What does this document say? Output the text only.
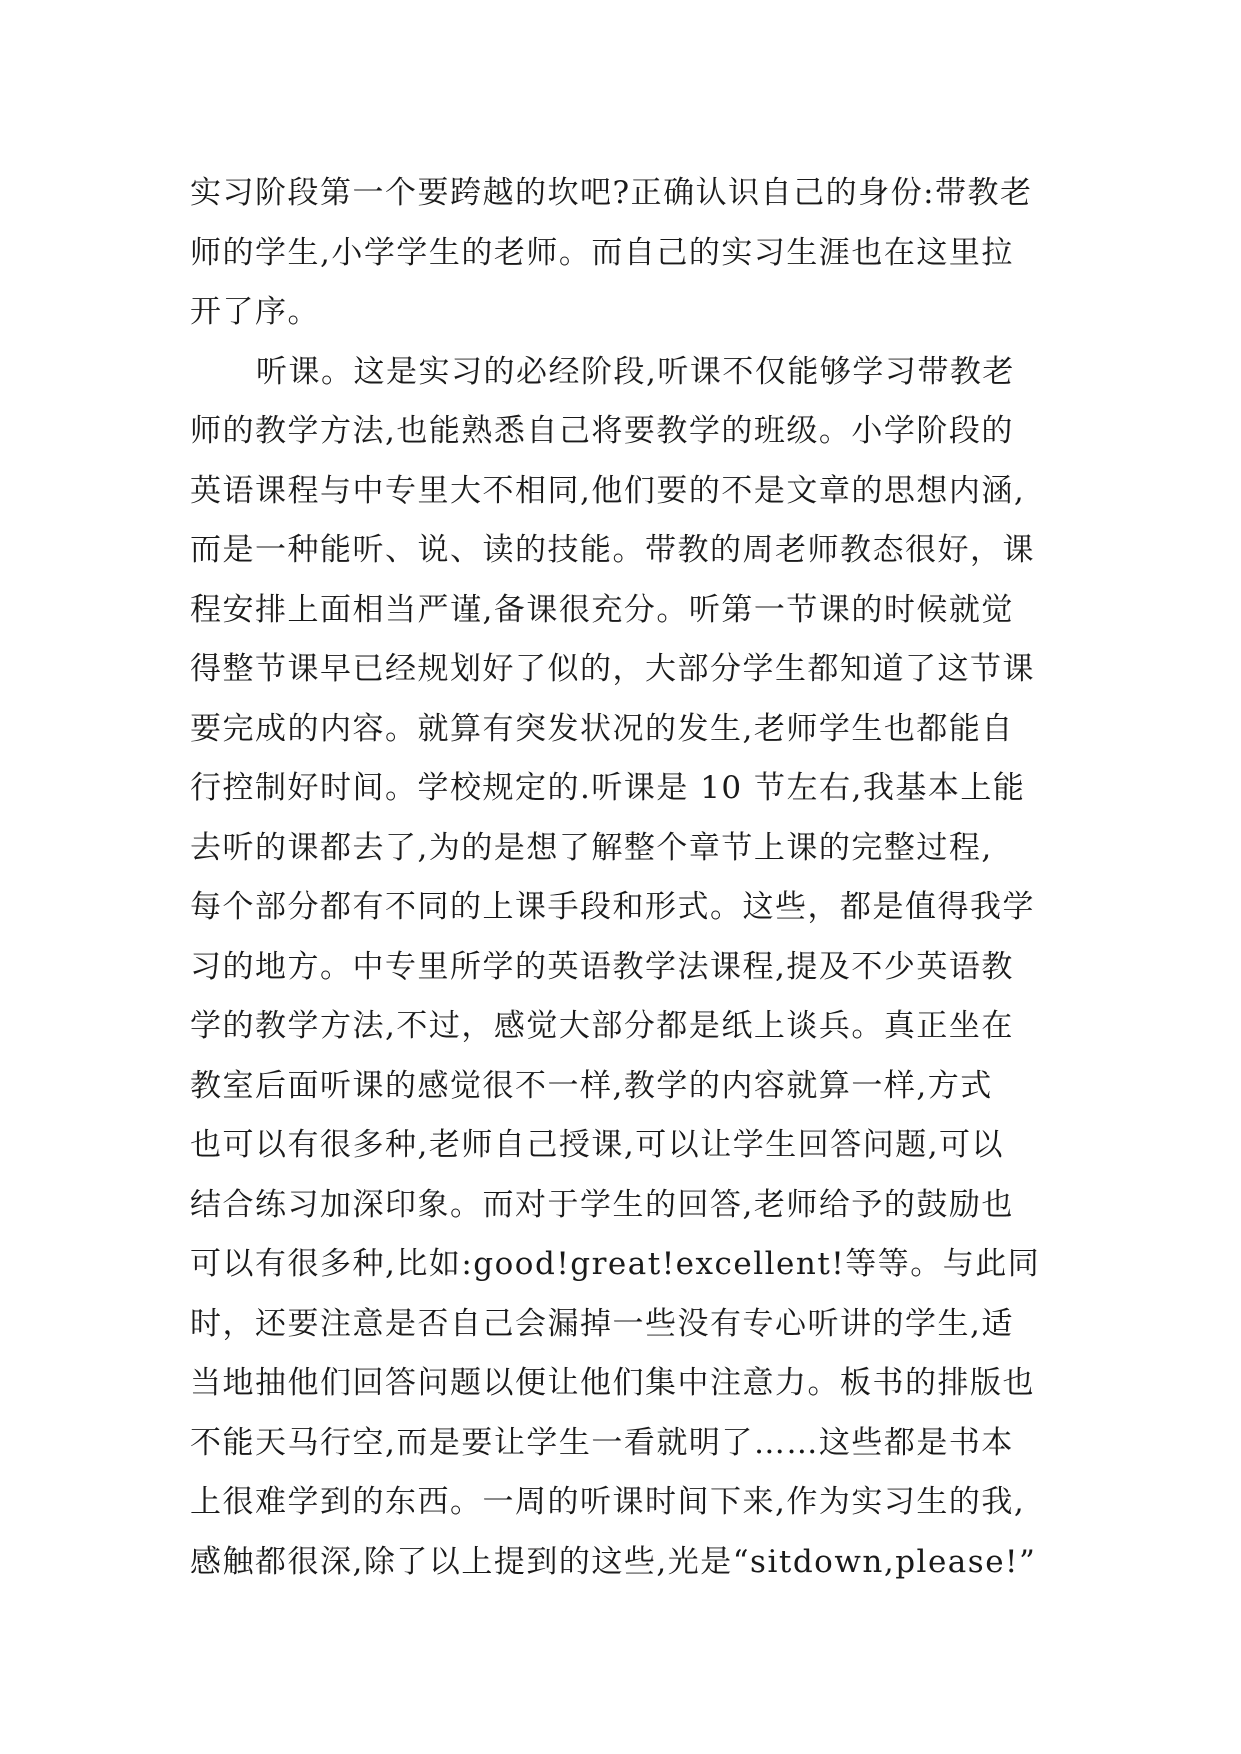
实习阶段第一个要跨越的坎吧?正确认识自己的身份:带教老
师的学生,小学学生的老师。而自己的实习生涯也在这里拉
开了序。
听课。这是实习的必经阶段,听课不仅能够学习带教老
师的教学方法,也能熟悉自己将要教学的班级。小学阶段的
英语课程与中专里大不相同,他们要的不是文章的思想内涵,
而是一种能听、说、读的技能。带教的周老师教态很好，课
程安排上面相当严谨,备课很充分。听第一节课的时候就觉
得整节课早已经规划好了似的，大部分学生都知道了这节课
要完成的内容。就算有突发状况的发生,老师学生也都能自
行控制好时间。学校规定的.听课是 10 节左右,我基本上能
去听的课都去了,为的是想了解整个章节上课的完整过程,
每个部分都有不同的上课手段和形式。这些，都是值得我学
习的地方。中专里所学的英语教学法课程,提及不少英语教
学的教学方法,不过，感觉大部分都是纸上谈兵。真正坐在
教室后面听课的感觉很不一样,教学的内容就算一样,方式
也可以有很多种,老师自己授课,可以让学生回答问题,可以
结合练习加深印象。而对于学生的回答,老师给予的鼓励也
可以有很多种,比如:good!great!excellent!等等。与此同
时，还要注意是否自己会漏掉一些没有专心听讲的学生,适
当地抽他们回答问题以便让他们集中注意力。板书的排版也
不能天马行空,而是要让学生一看就明了……这些都是书本
上很难学到的东西。一周的听课时间下来,作为实习生的我,
感触都很深,除了以上提到的这些,光是“sitdown,please!”
